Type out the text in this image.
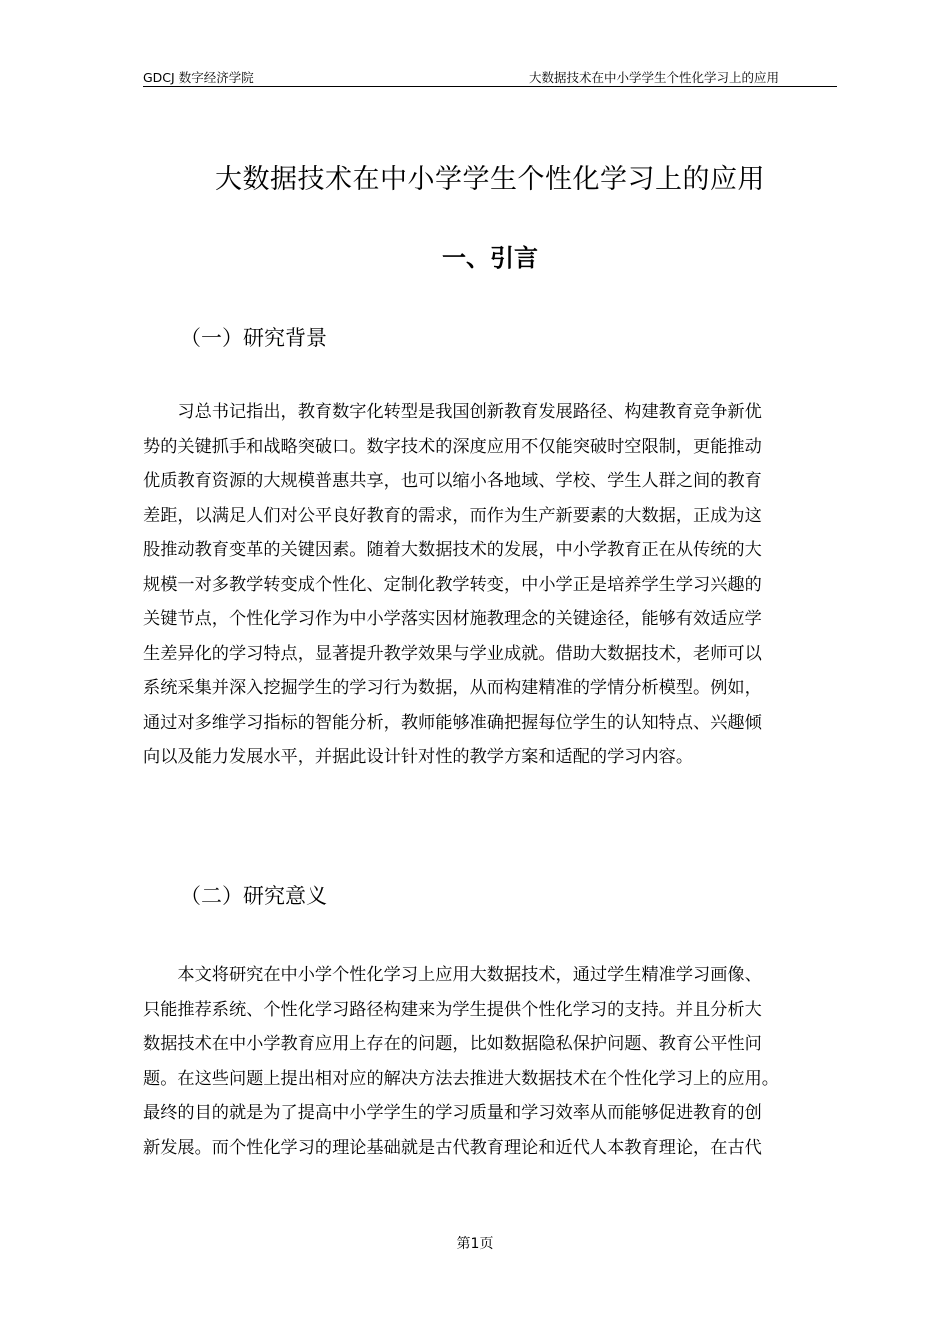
GDCJ 数字经济学院	大数据技术在中小学学生个性化学习上的应用
大数据技术在中小学学生个性化学习上的应用
一、引言
（一）研究背景
　　习总书记指出，教育数字化转型是我国创新教育发展路径、构建教育竞争新优
势的关键抓手和战略突破口。数字技术的深度应用不仅能突破时空限制，更能推动
优质教育资源的大规模普惠共享，也可以缩小各地域、学校、学生人群之间的教育
差距，以满足人们对公平良好教育的需求，而作为生产新要素的大数据，正成为这
股推动教育变革的关键因素。随着大数据技术的发展，中小学教育正在从传统的大
规模一对多教学转变成个性化、定制化教学转变，中小学正是培养学生学习兴趣的
关键节点，个性化学习作为中小学落实因材施教理念的关键途径，能够有效适应学
生差异化的学习特点，显著提升教学效果与学业成就。借助大数据技术，老师可以
系统采集并深入挖掘学生的学习行为数据，从而构建精准的学情分析模型。例如，
通过对多维学习指标的智能分析，教师能够准确把握每位学生的认知特点、兴趣倾
向以及能力发展水平，并据此设计针对性的教学方案和适配的学习内容。
（二）研究意义
　　本文将研究在中小学个性化学习上应用大数据技术，通过学生精准学习画像、
只能推荐系统、个性化学习路径构建来为学生提供个性化学习的支持。并且分析大
数据技术在中小学教育应用上存在的问题，比如数据隐私保护问题、教育公平性问
题。在这些问题上提出相对应的解决方法去推进大数据技术在个性化学习上的应用。
最终的目的就是为了提高中小学学生的学习质量和学习效率从而能够促进教育的创
新发展。而个性化学习的理论基础就是古代教育理论和近代人本教育理论，在古代
第1页
